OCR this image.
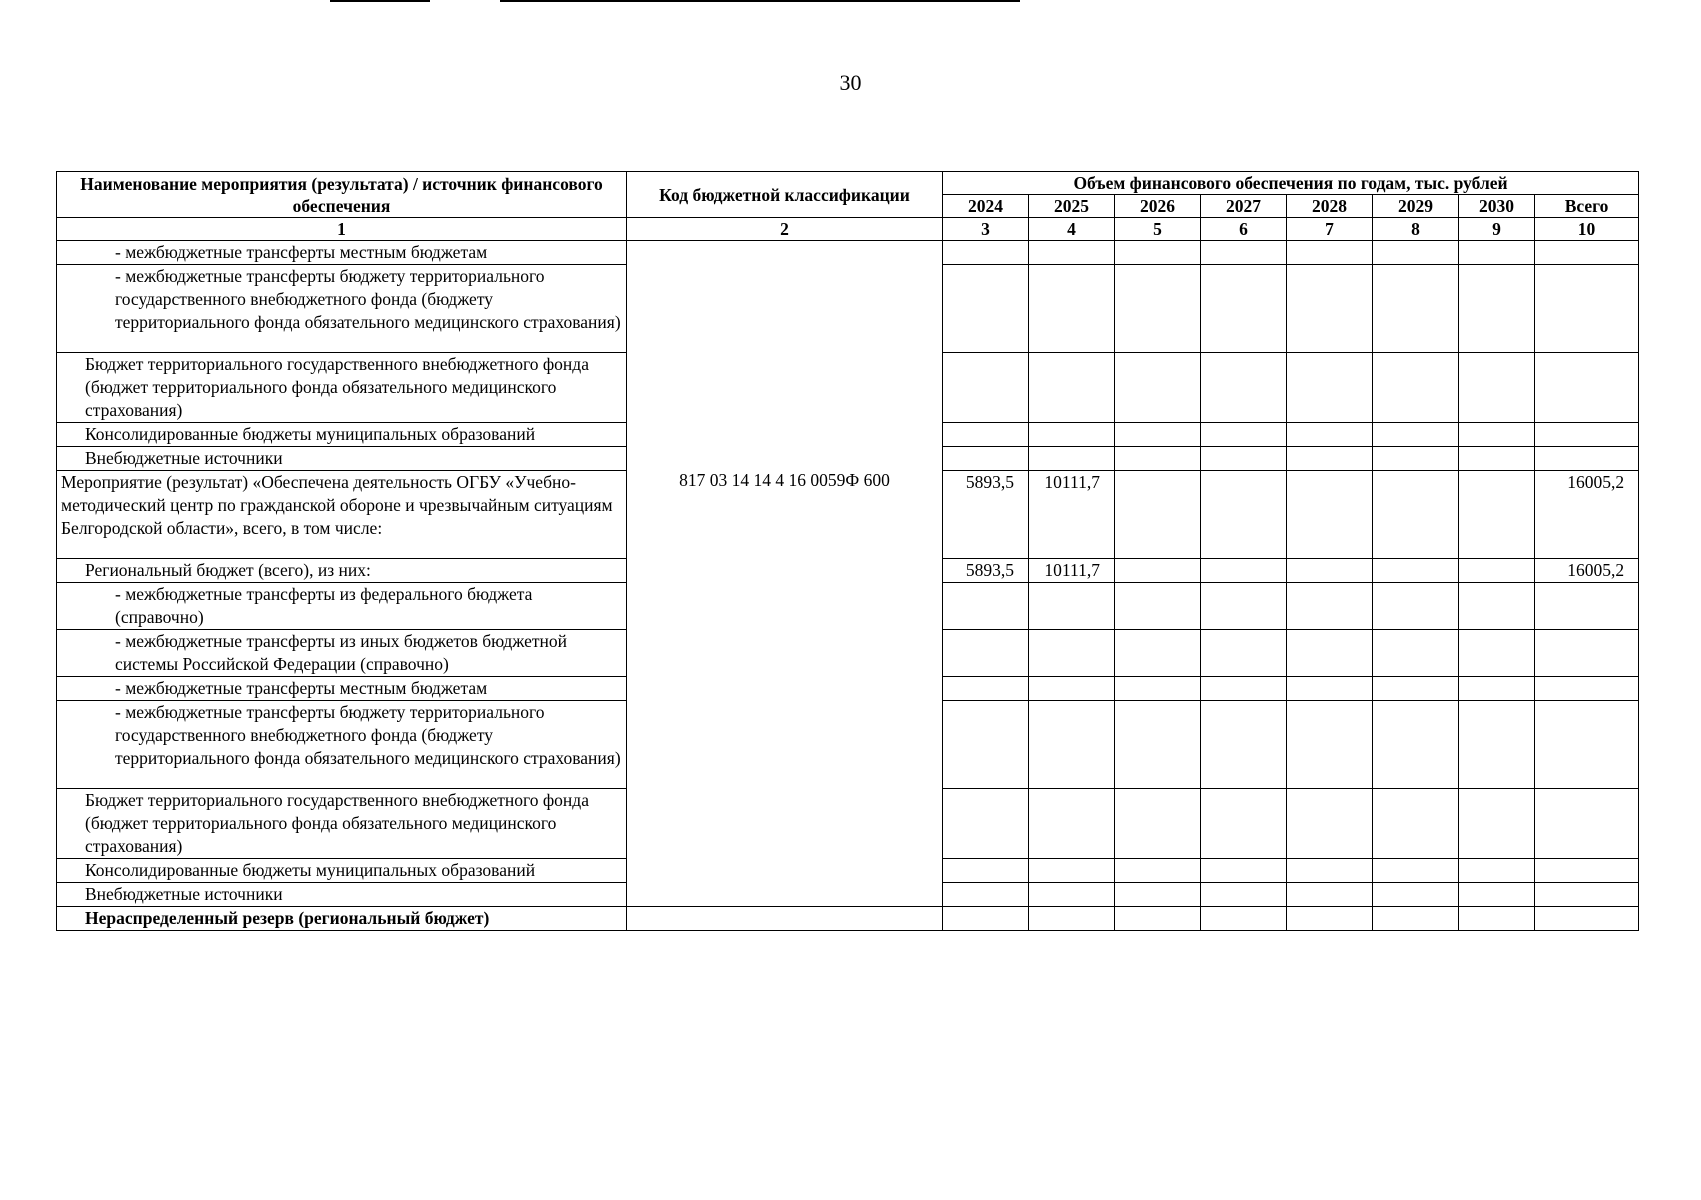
30
Наименование мероприятия (результата) / источник финансового обеспечения	Код бюджетной классификации	Объем финансового обеспечения по годам, тыс. рублей							
		2024	2025	2026	2027	2028	2029	2030	Всего
1	2	3	4	5	6	7	8	9	10
- межбюджетные трансферты местным бюджетам	817 03 14 14 4 16 0059Ф 600								

- межбюджетные трансферты бюджету территориального государственного внебюджетного фонда (бюджету территориального фонда обязательного медицинского страхования)									
Бюджет территориального государственного внебюджетного фонда (бюджет территориального фонда обязательного медицинского страхования)									
Консолидированные бюджеты муниципальных образований									
Внебюджетные источники									
Мероприятие (результат) «Обеспечена деятельность ОГБУ «Учебно-методический центр по гражданской обороне и чрезвычайным ситуациям Белгородской области», всего, в том числе:		5893,5	10111,7						16005,2
Региональный бюджет (всего), из них:		5893,5	10111,7						16005,2
- межбюджетные трансферты из федерального бюджета (справочно)									
- межбюджетные трансферты из иных бюджетов бюджетной системы Российской Федерации (справочно)									
- межбюджетные трансферты местным бюджетам									
- межбюджетные трансферты бюджету территориального государственного внебюджетного фонда (бюджету территориального фонда обязательного медицинского страхования)									
Бюджет территориального государственного внебюджетного фонда (бюджет территориального фонда обязательного медицинского страхования)									
Консолидированные бюджеты муниципальных образований									
Внебюджетные источники									
Нераспределенный резерв (региональный бюджет)									
